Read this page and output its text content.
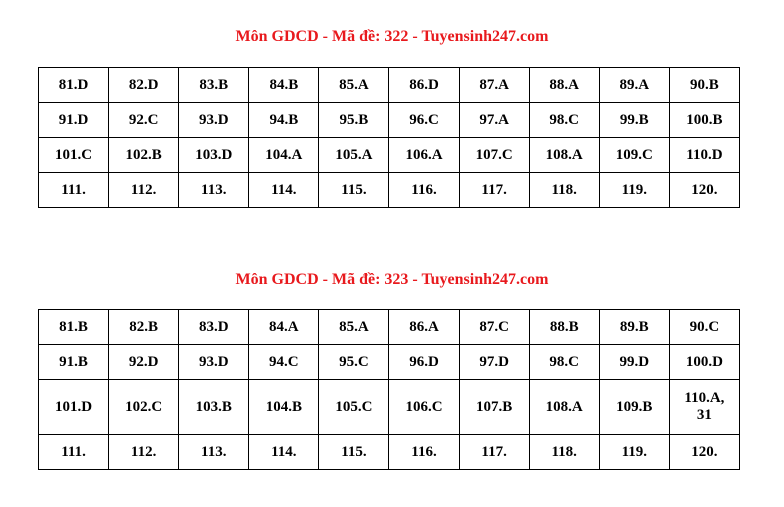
Môn GDCD - Mã đề: 322 - Tuyensinh247.com
81.D	82.D	83.B	84.B	85.A	86.D	87.A	88.A	89.A	90.B
91.D	92.C	93.D	94.B	95.B	96.C	97.A	98.C	99.B	100.B
101.C	102.B	103.D	104.A	105.A	106.A	107.C	108.A	109.C	110.D
111.	112.	113.	114.	115.	116.	117.	118.	119.	120.
Môn GDCD - Mã đề: 323 - Tuyensinh247.com
81.B	82.B	83.D	84.A	85.A	86.A	87.C	88.B	89.B	90.C
91.B	92.D	93.D	94.C	95.C	96.D	97.D	98.C	99.D	100.D
101.D	102.C	103.B	104.B	105.C	106.C	107.B	108.A	109.B	110.A, 31
111.	112.	113.	114.	115.	116.	117.	118.	119.	120.
